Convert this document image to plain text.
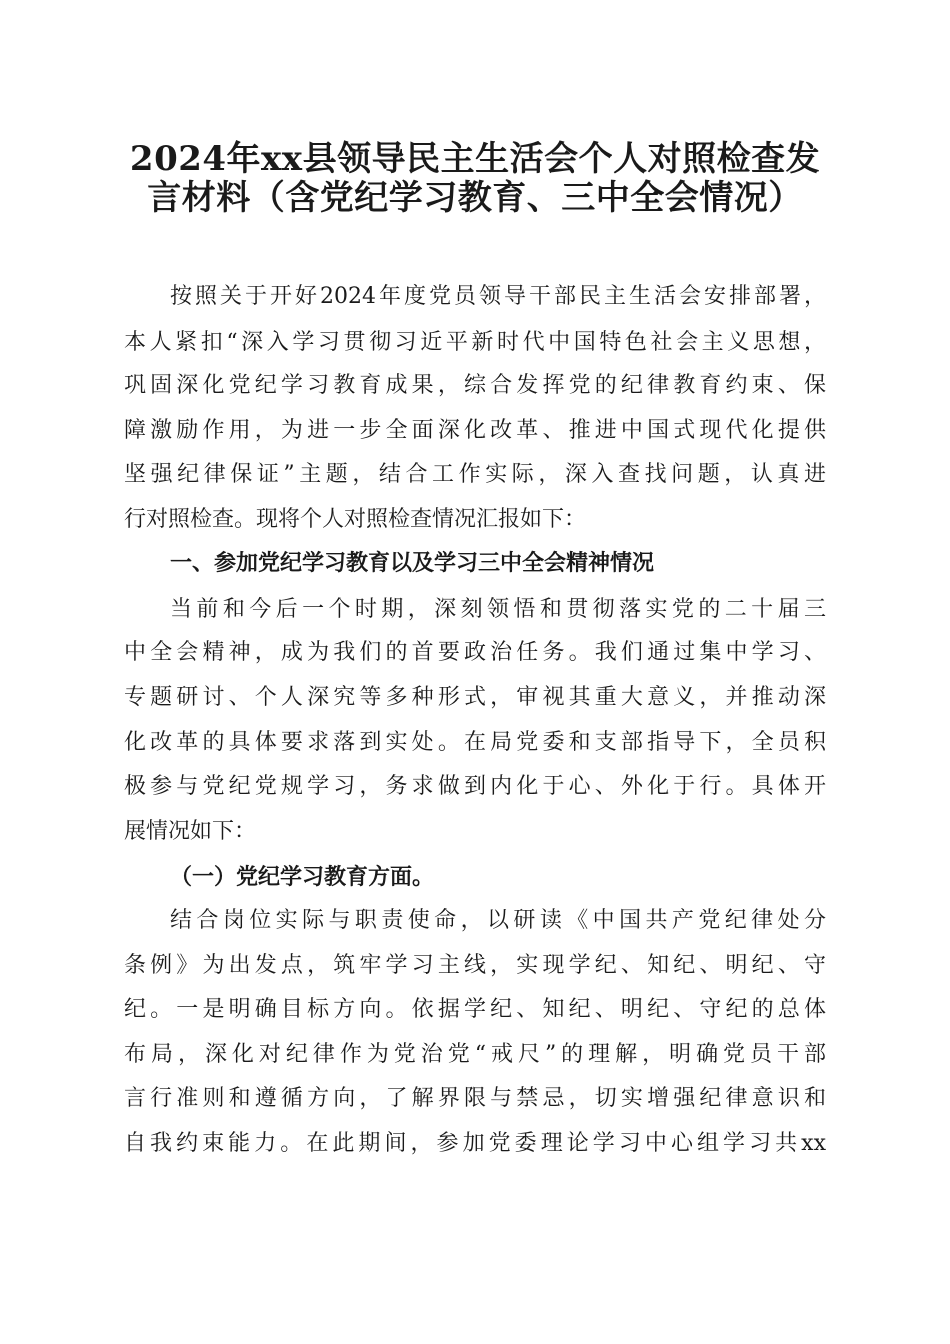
2024年xx县领导民主生活会个人对照检查发
言材料（含党纪学习教育、三中全会情况）

按照关于开好2024年度党员领导干部民主生活会安排部署，

本人紧扣“深入学习贯彻习近平新时代中国特色社会主义思想，

巩固深化党纪学习教育成果，综合发挥党的纪律教育约束、保

障激励作用，为进一步全面深化改革、推进中国式现代化提供

坚强纪律保证”主题，结合工作实际，深入查找问题，认真进

行对照检查。现将个人对照检查情况汇报如下：

一、参加党纪学习教育以及学习三中全会精神情况

当前和今后一个时期，深刻领悟和贯彻落实党的二十届三

中全会精神，成为我们的首要政治任务。我们通过集中学习、

专题研讨、个人深究等多种形式，审视其重大意义，并推动深

化改革的具体要求落到实处。在局党委和支部指导下，全员积

极参与党纪党规学习，务求做到内化于心、外化于行。具体开

展情况如下：

（一）党纪学习教育方面。

结合岗位实际与职责使命，以研读《中国共产党纪律处分

条例》为出发点，筑牢学习主线，实现学纪、知纪、明纪、守

纪。一是明确目标方向。依据学纪、知纪、明纪、守纪的总体

布局，深化对纪律作为党治党“戒尺”的理解，明确党员干部

言行准则和遵循方向，了解界限与禁忌，切实增强纪律意识和

自我约束能力。在此期间，参加党委理论学习中心组学习共xx
